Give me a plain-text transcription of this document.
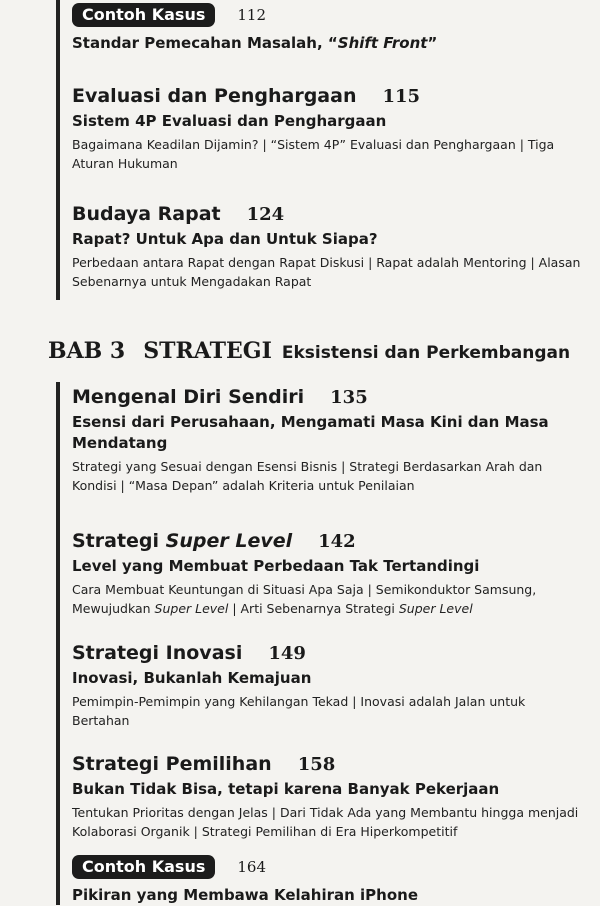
Contoh Kasus 112

Standar Pemecahan Masalah, “Shift Front”

Evaluasi dan Penghargaan 115

Sistem 4P Evaluasi dan Penghargaan

Bagaimana Keadilan Dijamin? | “Sistem 4P” Evaluasi dan Penghargaan | Tiga Aturan Hukuman

Budaya Rapat 124

Rapat? Untuk Apa dan Untuk Siapa?

Perbedaan antara Rapat dengan Rapat Diskusi | Rapat adalah Mentoring | Alasan Sebenarnya untuk Mengadakan Rapat

BAB 3 STRATEGI Eksistensi dan Perkembangan

Mengenal Diri Sendiri 135

Esensi dari Perusahaan, Mengamati Masa Kini dan Masa Mendatang

Strategi yang Sesuai dengan Esensi Bisnis | Strategi Berdasarkan Arah dan Kondisi | “Masa Depan” adalah Kriteria untuk Penilaian

Strategi Super Level 142

Level yang Membuat Perbedaan Tak Tertandingi

Cara Membuat Keuntungan di Situasi Apa Saja | Semikonduktor Samsung, Mewujudkan Super Level | Arti Sebenarnya Strategi Super Level

Strategi Inovasi 149

Inovasi, Bukanlah Kemajuan

Pemimpin-Pemimpin yang Kehilangan Tekad | Inovasi adalah Jalan untuk Bertahan

Strategi Pemilihan 158

Bukan Tidak Bisa, tetapi karena Banyak Pekerjaan

Tentukan Prioritas dengan Jelas | Dari Tidak Ada yang Membantu hingga menjadi Kolaborasi Organik | Strategi Pemilihan di Era Hiperkompetitif

Contoh Kasus 164

Pikiran yang Membawa Kelahiran iPhone
